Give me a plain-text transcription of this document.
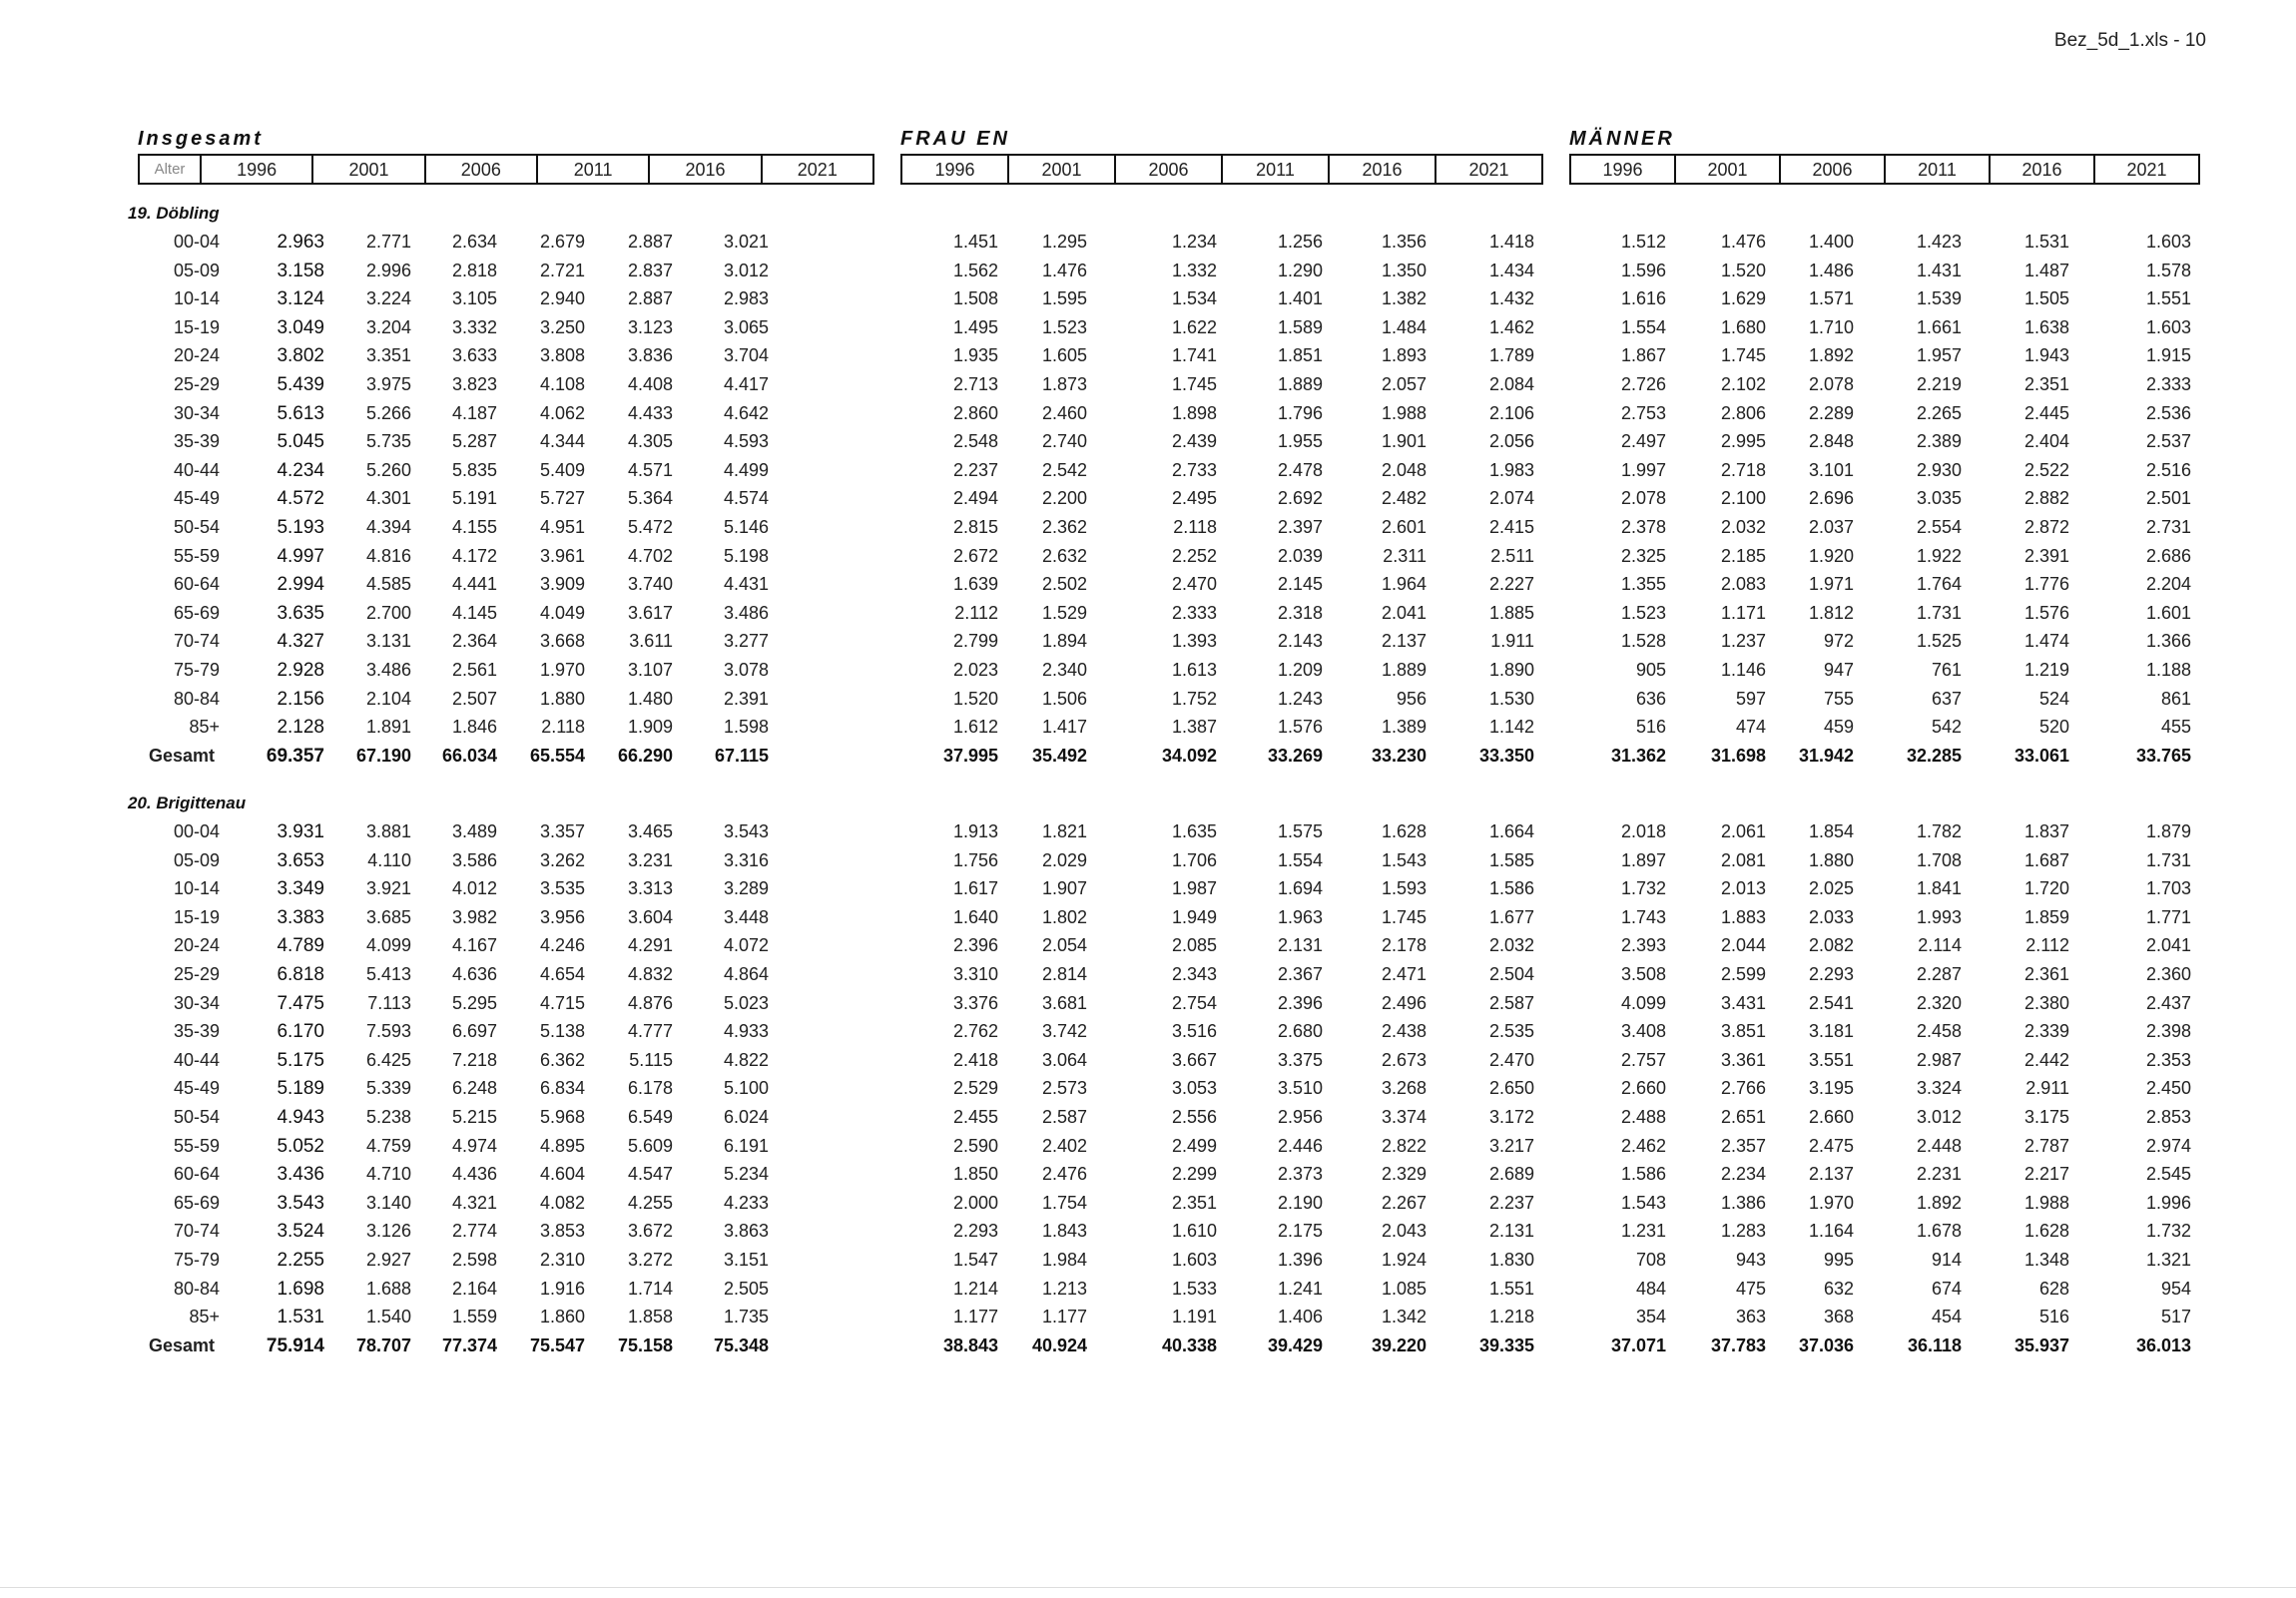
Bez_5d_1.xls - 10
Insgesamt	FRAU EN	MÄNNER
Alter	1996	2001	2006	2011	2016	2021	1996	2001	2006	2011	2016	2021	1996	2001	2006	2011	2016	2021
19. Döbling
00-04	2.963	2.771	2.634	2.679	2.887	3.021	1.451	1.295	1.234	1.256	1.356	1.418	1.512	1.476	1.400	1.423	1.531	1.603
05-09	3.158	2.996	2.818	2.721	2.837	3.012	1.562	1.476	1.332	1.290	1.350	1.434	1.596	1.520	1.486	1.431	1.487	1.578
10-14	3.124	3.224	3.105	2.940	2.887	2.983	1.508	1.595	1.534	1.401	1.382	1.432	1.616	1.629	1.571	1.539	1.505	1.551
15-19	3.049	3.204	3.332	3.250	3.123	3.065	1.495	1.523	1.622	1.589	1.484	1.462	1.554	1.680	1.710	1.661	1.638	1.603
20-24	3.802	3.351	3.633	3.808	3.836	3.704	1.935	1.605	1.741	1.851	1.893	1.789	1.867	1.745	1.892	1.957	1.943	1.915
25-29	5.439	3.975	3.823	4.108	4.408	4.417	2.713	1.873	1.745	1.889	2.057	2.084	2.726	2.102	2.078	2.219	2.351	2.333
30-34	5.613	5.266	4.187	4.062	4.433	4.642	2.860	2.460	1.898	1.796	1.988	2.106	2.753	2.806	2.289	2.265	2.445	2.536
35-39	5.045	5.735	5.287	4.344	4.305	4.593	2.548	2.740	2.439	1.955	1.901	2.056	2.497	2.995	2.848	2.389	2.404	2.537
40-44	4.234	5.260	5.835	5.409	4.571	4.499	2.237	2.542	2.733	2.478	2.048	1.983	1.997	2.718	3.101	2.930	2.522	2.516
45-49	4.572	4.301	5.191	5.727	5.364	4.574	2.494	2.200	2.495	2.692	2.482	2.074	2.078	2.100	2.696	3.035	2.882	2.501
50-54	5.193	4.394	4.155	4.951	5.472	5.146	2.815	2.362	2.118	2.397	2.601	2.415	2.378	2.032	2.037	2.554	2.872	2.731
55-59	4.997	4.816	4.172	3.961	4.702	5.198	2.672	2.632	2.252	2.039	2.311	2.511	2.325	2.185	1.920	1.922	2.391	2.686
60-64	2.994	4.585	4.441	3.909	3.740	4.431	1.639	2.502	2.470	2.145	1.964	2.227	1.355	2.083	1.971	1.764	1.776	2.204
65-69	3.635	2.700	4.145	4.049	3.617	3.486	2.112	1.529	2.333	2.318	2.041	1.885	1.523	1.171	1.812	1.731	1.576	1.601
70-74	4.327	3.131	2.364	3.668	3.611	3.277	2.799	1.894	1.393	2.143	2.137	1.911	1.528	1.237	972	1.525	1.474	1.366
75-79	2.928	3.486	2.561	1.970	3.107	3.078	2.023	2.340	1.613	1.209	1.889	1.890	905	1.146	947	761	1.219	1.188
80-84	2.156	2.104	2.507	1.880	1.480	2.391	1.520	1.506	1.752	1.243	956	1.530	636	597	755	637	524	861
85+	2.128	1.891	1.846	2.118	1.909	1.598	1.612	1.417	1.387	1.576	1.389	1.142	516	474	459	542	520	455
Gesamt	69.357	67.190	66.034	65.554	66.290	67.115	37.995	35.492	34.092	33.269	33.230	33.350	31.362	31.698	31.942	32.285	33.061	33.765
20. Brigittenau
00-04	3.931	3.881	3.489	3.357	3.465	3.543	1.913	1.821	1.635	1.575	1.628	1.664	2.018	2.061	1.854	1.782	1.837	1.879
05-09	3.653	4.110	3.586	3.262	3.231	3.316	1.756	2.029	1.706	1.554	1.543	1.585	1.897	2.081	1.880	1.708	1.687	1.731
10-14	3.349	3.921	4.012	3.535	3.313	3.289	1.617	1.907	1.987	1.694	1.593	1.586	1.732	2.013	2.025	1.841	1.720	1.703
15-19	3.383	3.685	3.982	3.956	3.604	3.448	1.640	1.802	1.949	1.963	1.745	1.677	1.743	1.883	2.033	1.993	1.859	1.771
20-24	4.789	4.099	4.167	4.246	4.291	4.072	2.396	2.054	2.085	2.131	2.178	2.032	2.393	2.044	2.082	2.114	2.112	2.041
25-29	6.818	5.413	4.636	4.654	4.832	4.864	3.310	2.814	2.343	2.367	2.471	2.504	3.508	2.599	2.293	2.287	2.361	2.360
30-34	7.475	7.113	5.295	4.715	4.876	5.023	3.376	3.681	2.754	2.396	2.496	2.587	4.099	3.431	2.541	2.320	2.380	2.437
35-39	6.170	7.593	6.697	5.138	4.777	4.933	2.762	3.742	3.516	2.680	2.438	2.535	3.408	3.851	3.181	2.458	2.339	2.398
40-44	5.175	6.425	7.218	6.362	5.115	4.822	2.418	3.064	3.667	3.375	2.673	2.470	2.757	3.361	3.551	2.987	2.442	2.353
45-49	5.189	5.339	6.248	6.834	6.178	5.100	2.529	2.573	3.053	3.510	3.268	2.650	2.660	2.766	3.195	3.324	2.911	2.450
50-54	4.943	5.238	5.215	5.968	6.549	6.024	2.455	2.587	2.556	2.956	3.374	3.172	2.488	2.651	2.660	3.012	3.175	2.853
55-59	5.052	4.759	4.974	4.895	5.609	6.191	2.590	2.402	2.499	2.446	2.822	3.217	2.462	2.357	2.475	2.448	2.787	2.974
60-64	3.436	4.710	4.436	4.604	4.547	5.234	1.850	2.476	2.299	2.373	2.329	2.689	1.586	2.234	2.137	2.231	2.217	2.545
65-69	3.543	3.140	4.321	4.082	4.255	4.233	2.000	1.754	2.351	2.190	2.267	2.237	1.543	1.386	1.970	1.892	1.988	1.996
70-74	3.524	3.126	2.774	3.853	3.672	3.863	2.293	1.843	1.610	2.175	2.043	2.131	1.231	1.283	1.164	1.678	1.628	1.732
75-79	2.255	2.927	2.598	2.310	3.272	3.151	1.547	1.984	1.603	1.396	1.924	1.830	708	943	995	914	1.348	1.321
80-84	1.698	1.688	2.164	1.916	1.714	2.505	1.214	1.213	1.533	1.241	1.085	1.551	484	475	632	674	628	954
85+	1.531	1.540	1.559	1.860	1.858	1.735	1.177	1.177	1.191	1.406	1.342	1.218	354	363	368	454	516	517
Gesamt	75.914	78.707	77.374	75.547	75.158	75.348	38.843	40.924	40.338	39.429	39.220	39.335	37.071	37.783	37.036	36.118	35.937	36.013
